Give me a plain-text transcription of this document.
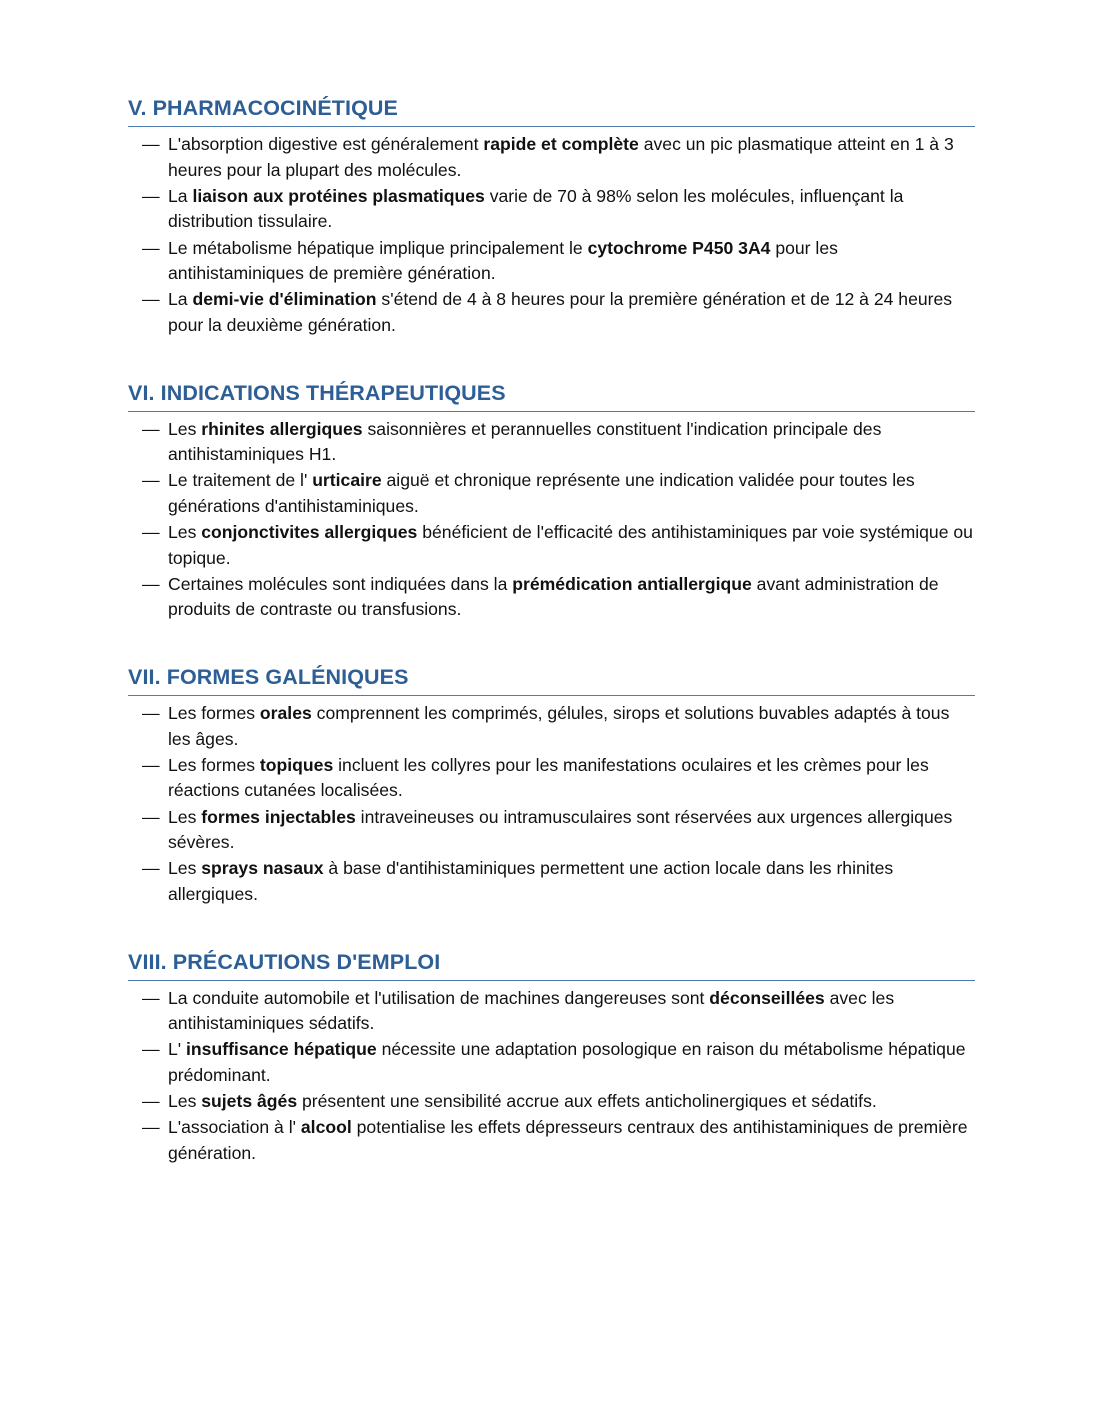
V. PHARMACOCINÉTIQUE
— L'absorption digestive est généralement rapide et complète avec un pic plasmatique atteint en 1 à 3 heures pour la plupart des molécules.
— La liaison aux protéines plasmatiques varie de 70 à 98% selon les molécules, influençant la distribution tissulaire.
— Le métabolisme hépatique implique principalement le cytochrome P450 3A4 pour les antihistaminiques de première génération.
— La demi-vie d'élimination s'étend de 4 à 8 heures pour la première génération et de 12 à 24 heures pour la deuxième génération.
VI. INDICATIONS THÉRAPEUTIQUES
— Les rhinites allergiques saisonnières et perannuelles constituent l'indication principale des antihistaminiques H1.
— Le traitement de l' urticaire aiguë et chronique représente une indication validée pour toutes les générations d'antihistaminiques.
— Les conjonctivites allergiques bénéficient de l'efficacité des antihistaminiques par voie systémique ou topique.
— Certaines molécules sont indiquées dans la prémédication antiallergique avant administration de produits de contraste ou transfusions.
VII. FORMES GALÉNIQUES
— Les formes orales comprennent les comprimés, gélules, sirops et solutions buvables adaptés à tous les âges.
— Les formes topiques incluent les collyres pour les manifestations oculaires et les crèmes pour les réactions cutanées localisées.
— Les formes injectables intraveineuses ou intramusculaires sont réservées aux urgences allergiques sévères.
— Les sprays nasaux à base d'antihistaminiques permettent une action locale dans les rhinites allergiques.
VIII. PRÉCAUTIONS D'EMPLOI
— La conduite automobile et l'utilisation de machines dangereuses sont déconseillées avec les antihistaminiques sédatifs.
— L' insuffisance hépatique nécessite une adaptation posologique en raison du métabolisme hépatique prédominant.
— Les sujets âgés présentent une sensibilité accrue aux effets anticholinergiques et sédatifs.
— L'association à l' alcool potentialise les effets dépresseurs centraux des antihistaminiques de première génération.
